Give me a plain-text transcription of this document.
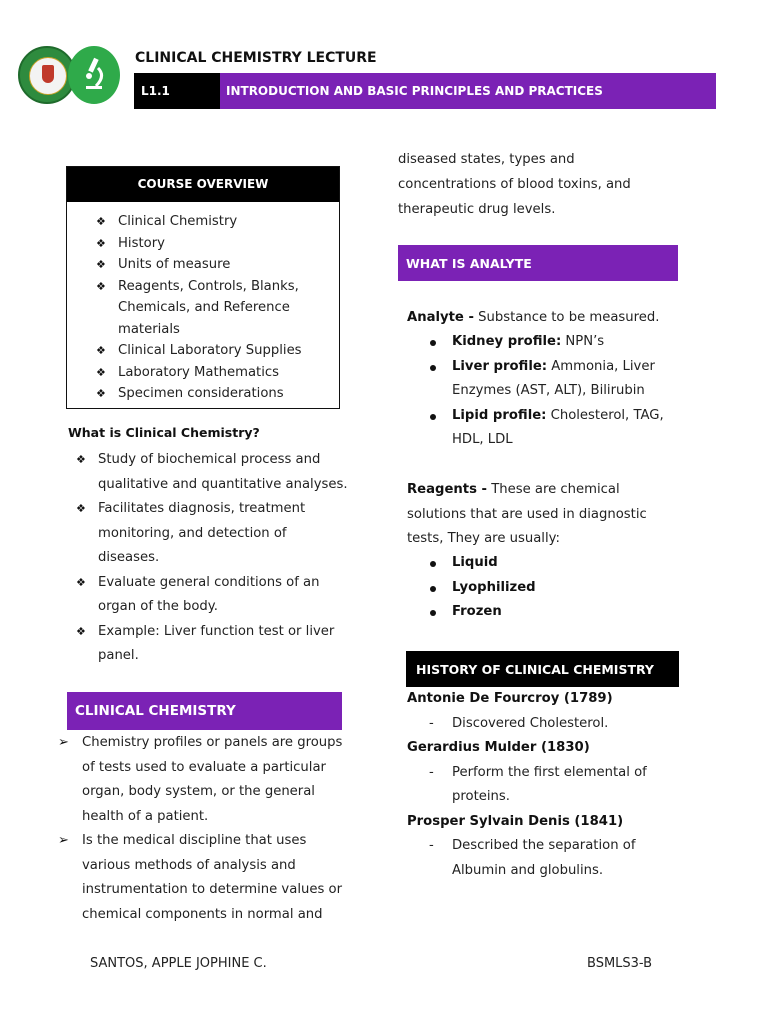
CLINICAL CHEMISTRY LECTURE
L1.1	INTRODUCTION AND BASIC PRINCIPLES AND PRACTICES
COURSE OVERVIEW
❖ Clinical Chemistry
❖ History
❖ Units of measure
❖ Reagents, Controls, Blanks,
Chemicals, and Reference
materials
❖ Clinical Laboratory Supplies
❖ Laboratory Mathematics
❖ Specimen considerations
What is Clinical Chemistry?
❖ Study of biochemical process and
qualitative and quantitative analyses.
❖ Facilitates diagnosis, treatment
monitoring, and detection of
diseases.
❖ Evaluate general conditions of an
organ of the body.
❖ Example: Liver function test or liver
panel.
CLINICAL CHEMISTRY
➢ Chemistry profiles or panels are groups
of tests used to evaluate a particular
organ, body system, or the general
health of a patient.
➢ Is the medical discipline that uses
various methods of analysis and
instrumentation to determine values or
chemical components in normal and
diseased states, types and
concentrations of blood toxins, and
therapeutic drug levels.
WHAT IS ANALYTE
Analyte - Substance to be measured.
Kidney profile: NPN’s
Liver profile: Ammonia, Liver
Enzymes (AST, ALT), Bilirubin
Lipid profile: Cholesterol, TAG,
HDL, LDL
Reagents - These are chemical
solutions that are used in diagnostic
tests, They are usually:
Liquid
Lyophilized
Frozen
HISTORY OF CLINICAL CHEMISTRY
Antonie De Fourcroy (1789)
- Discovered Cholesterol.
Gerardius Mulder (1830)
- Perform the first elemental of
proteins.
Prosper Sylvain Denis (1841)
- Described the separation of
Albumin and globulins.
SANTOS, APPLE JOPHINE C.	BSMLS3-B
